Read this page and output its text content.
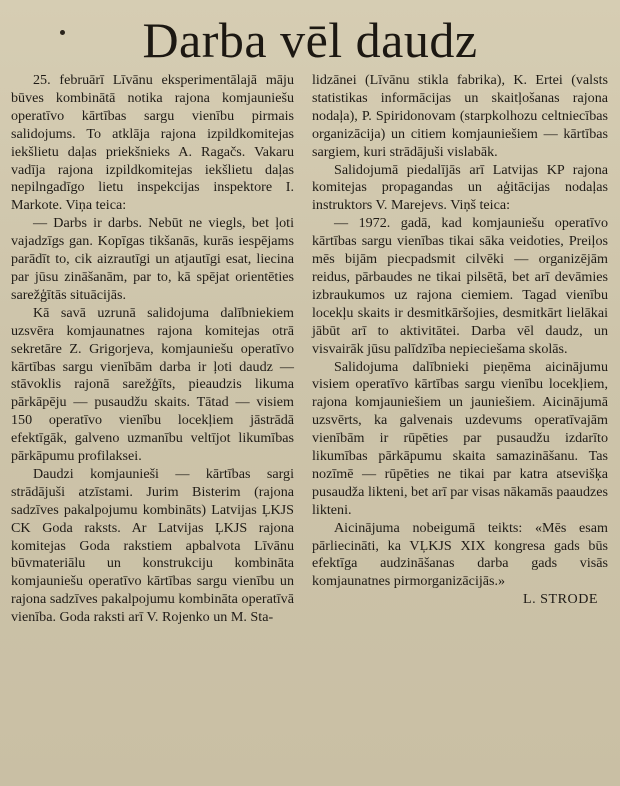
Darba vēl daudz

25. februārī Līvānu eksperimentālajā māju būves kombinātā notika rajona komjauniešu operatīvo kārtības sargu vienību pirmais salidojums. To atklāja rajona izpildkomitejas iekšlietu daļas priekšnieks A. Ragačs. Vakaru vadīja rajona izpildkomitejas iekšlietu daļas nepilngadīgo lietu inspekcijas inspektore I. Markote. Viņa teica:

— Darbs ir darbs. Nebūt ne viegls, bet ļoti vajadzīgs gan. Kopīgas tikšanās, kurās iespējams parādīt to, cik aizrautīgi un atjautīgi esat, liecina par jūsu zināšanām, par to, kā spējat orientēties sarežģītās situācijās.

Kā savā uzrunā salidojuma dalībniekiem uzsvēra komjaunatnes rajona komitejas otrā sekretāre Z. Grigorjeva, komjauniešu operatīvo kārtības sargu vienībām darba ir ļoti daudz — stāvoklis rajonā sarežģīts, pieaudzis likuma pārkāpēju — pusaudžu skaits. Tātad — visiem 150 operatīvo vienību locekļiem jāstrādā efektīgāk, galveno uzmanību veltījot likumības pārkāpumu profilaksei.

Daudzi komjaunieši — kārtības sargi strādājuši atzīstami. Jurim Bisterim (rajona sadzīves pakalpojumu kombināts) Latvijas ĻKJS CK Goda raksts. Ar Latvijas ĻKJS rajona komitejas Goda rakstiem apbalvota Līvānu būvmateriālu un konstrukciju kombināta komjauniešu operatīvo kārtības sargu vienību un rajona sadzīves pakalpojumu kombināta operatīvā vienība. Goda raksti arī V. Rojenko un M. Sta-

lidzānei (Līvānu stikla fabrika), K. Ertei (valsts statistikas informācijas un skaitļošanas rajona nodaļa), P. Spiridonovam (starpkolhozu celtniecības organizācija) un citiem komjauniešiem — kārtības sargiem, kuri strādājuši vislabāk.

Salidojumā piedalījās arī Latvijas KP rajona komitejas propagandas un aģitācijas nodaļas instruktors V. Marejevs. Viņš teica:

— 1972. gadā, kad komjauniešu operatīvo kārtības sargu vienības tikai sāka veidoties, Preiļos mēs bijām piecpadsmit cilvēki — organizējām reidus, pārbaudes ne tikai pilsētā, bet arī devāmies izbraukumos uz rajona ciemiem. Tagad vienību locekļu skaits ir desmitkāršojies, desmitkārt lielākai jābūt arī to aktivitātei. Darba vēl daudz, un visvairāk jūsu palīdzība nepieciešama skolās.

Salidojuma dalībnieki pieņēma aicinājumu visiem operatīvo kārtības sargu vienību locekļiem, rajona komjauniešiem un jauniešiem. Aicinājumā uzsvērts, ka galvenais uzdevums operatīvajām vienībām ir rūpēties par pusaudžu izdarīto likumības pārkāpumu skaita samazināšanu. Tas nozīmē — rūpēties ne tikai par katra atsevišķa pusaudža likteni, bet arī par visas nākamās paaudzes likteni.

Aicinājuma nobeigumā teikts: «Mēs esam pārliecināti, ka VĻKJS XIX kongresa gads būs efektīga audzināšanas darba gads visās komjaunatnes pirmorganizācijās.»

L. STRODE
